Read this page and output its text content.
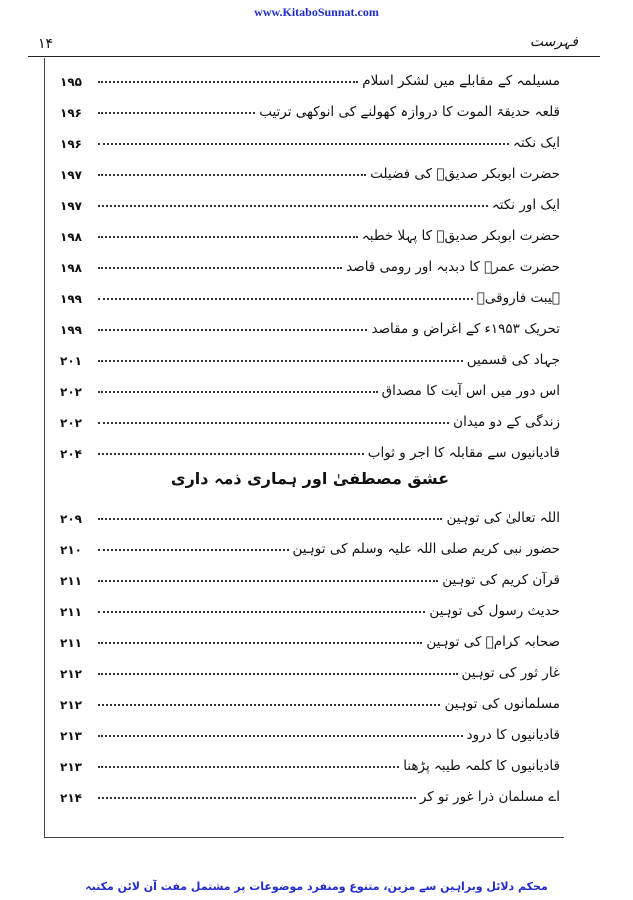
www.KitaboSunnat.com
۱۴	فہرست
مسیلمہ کے مقابلے میں لشکر اسلام
۱۹۵
قلعہ حدیقۃ الموت کا دروازہ کھولنے کی انوکھی ترتیب
۱۹۶
ایک نکتہ
۱۹۶
حضرت ابوبکر صدیقؓ کی فضیلت
۱۹۷
ایک اور نکتہ
۱۹۷
حضرت ابوبکر صدیقؓ کا پہلا خطبہ
۱۹۸
حضرت عمرؓ کا دبدبہ اور رومی قاصد
۱۹۸
ہیبت فاروقیؓ
۱۹۹
تحریک ۱۹۵۳ء کے اغراض و مقاصد
۱۹۹
جہاد کی قسمیں
۲۰۱
اس دور میں اس آیت کا مصداق
۲۰۲
زندگی کے دو میدان
۲۰۲
قادیانیوں سے مقابلہ کا اجر و ثواب
۲۰۴
عشق مصطفیٰ اور ہماری ذمہ داری
اللہ تعالیٰ کی توہین
۲۰۹
حضور نبی کریم صلی اللہ علیہ وسلم کی توہین
۲۱۰
قرآن کریم کی توہین
۲۱۱
حدیث رسول کی توہین
۲۱۱
صحابہ کرامؓ کی توہین
۲۱۱
غار ثور کی توہین
۲۱۲
مسلمانوں کی توہین
۲۱۲
قادیانیوں کا درود
۲۱۳
قادیانیوں کا کلمہ طیبہ پڑھنا
۲۱۳
اے مسلمان ذرا غور تو کر
۲۱۴
محکم دلائل وبراہین سے مزین، متنوع ومنفرد موضوعات پر مشتمل مفت آن لائن مکتبہ
